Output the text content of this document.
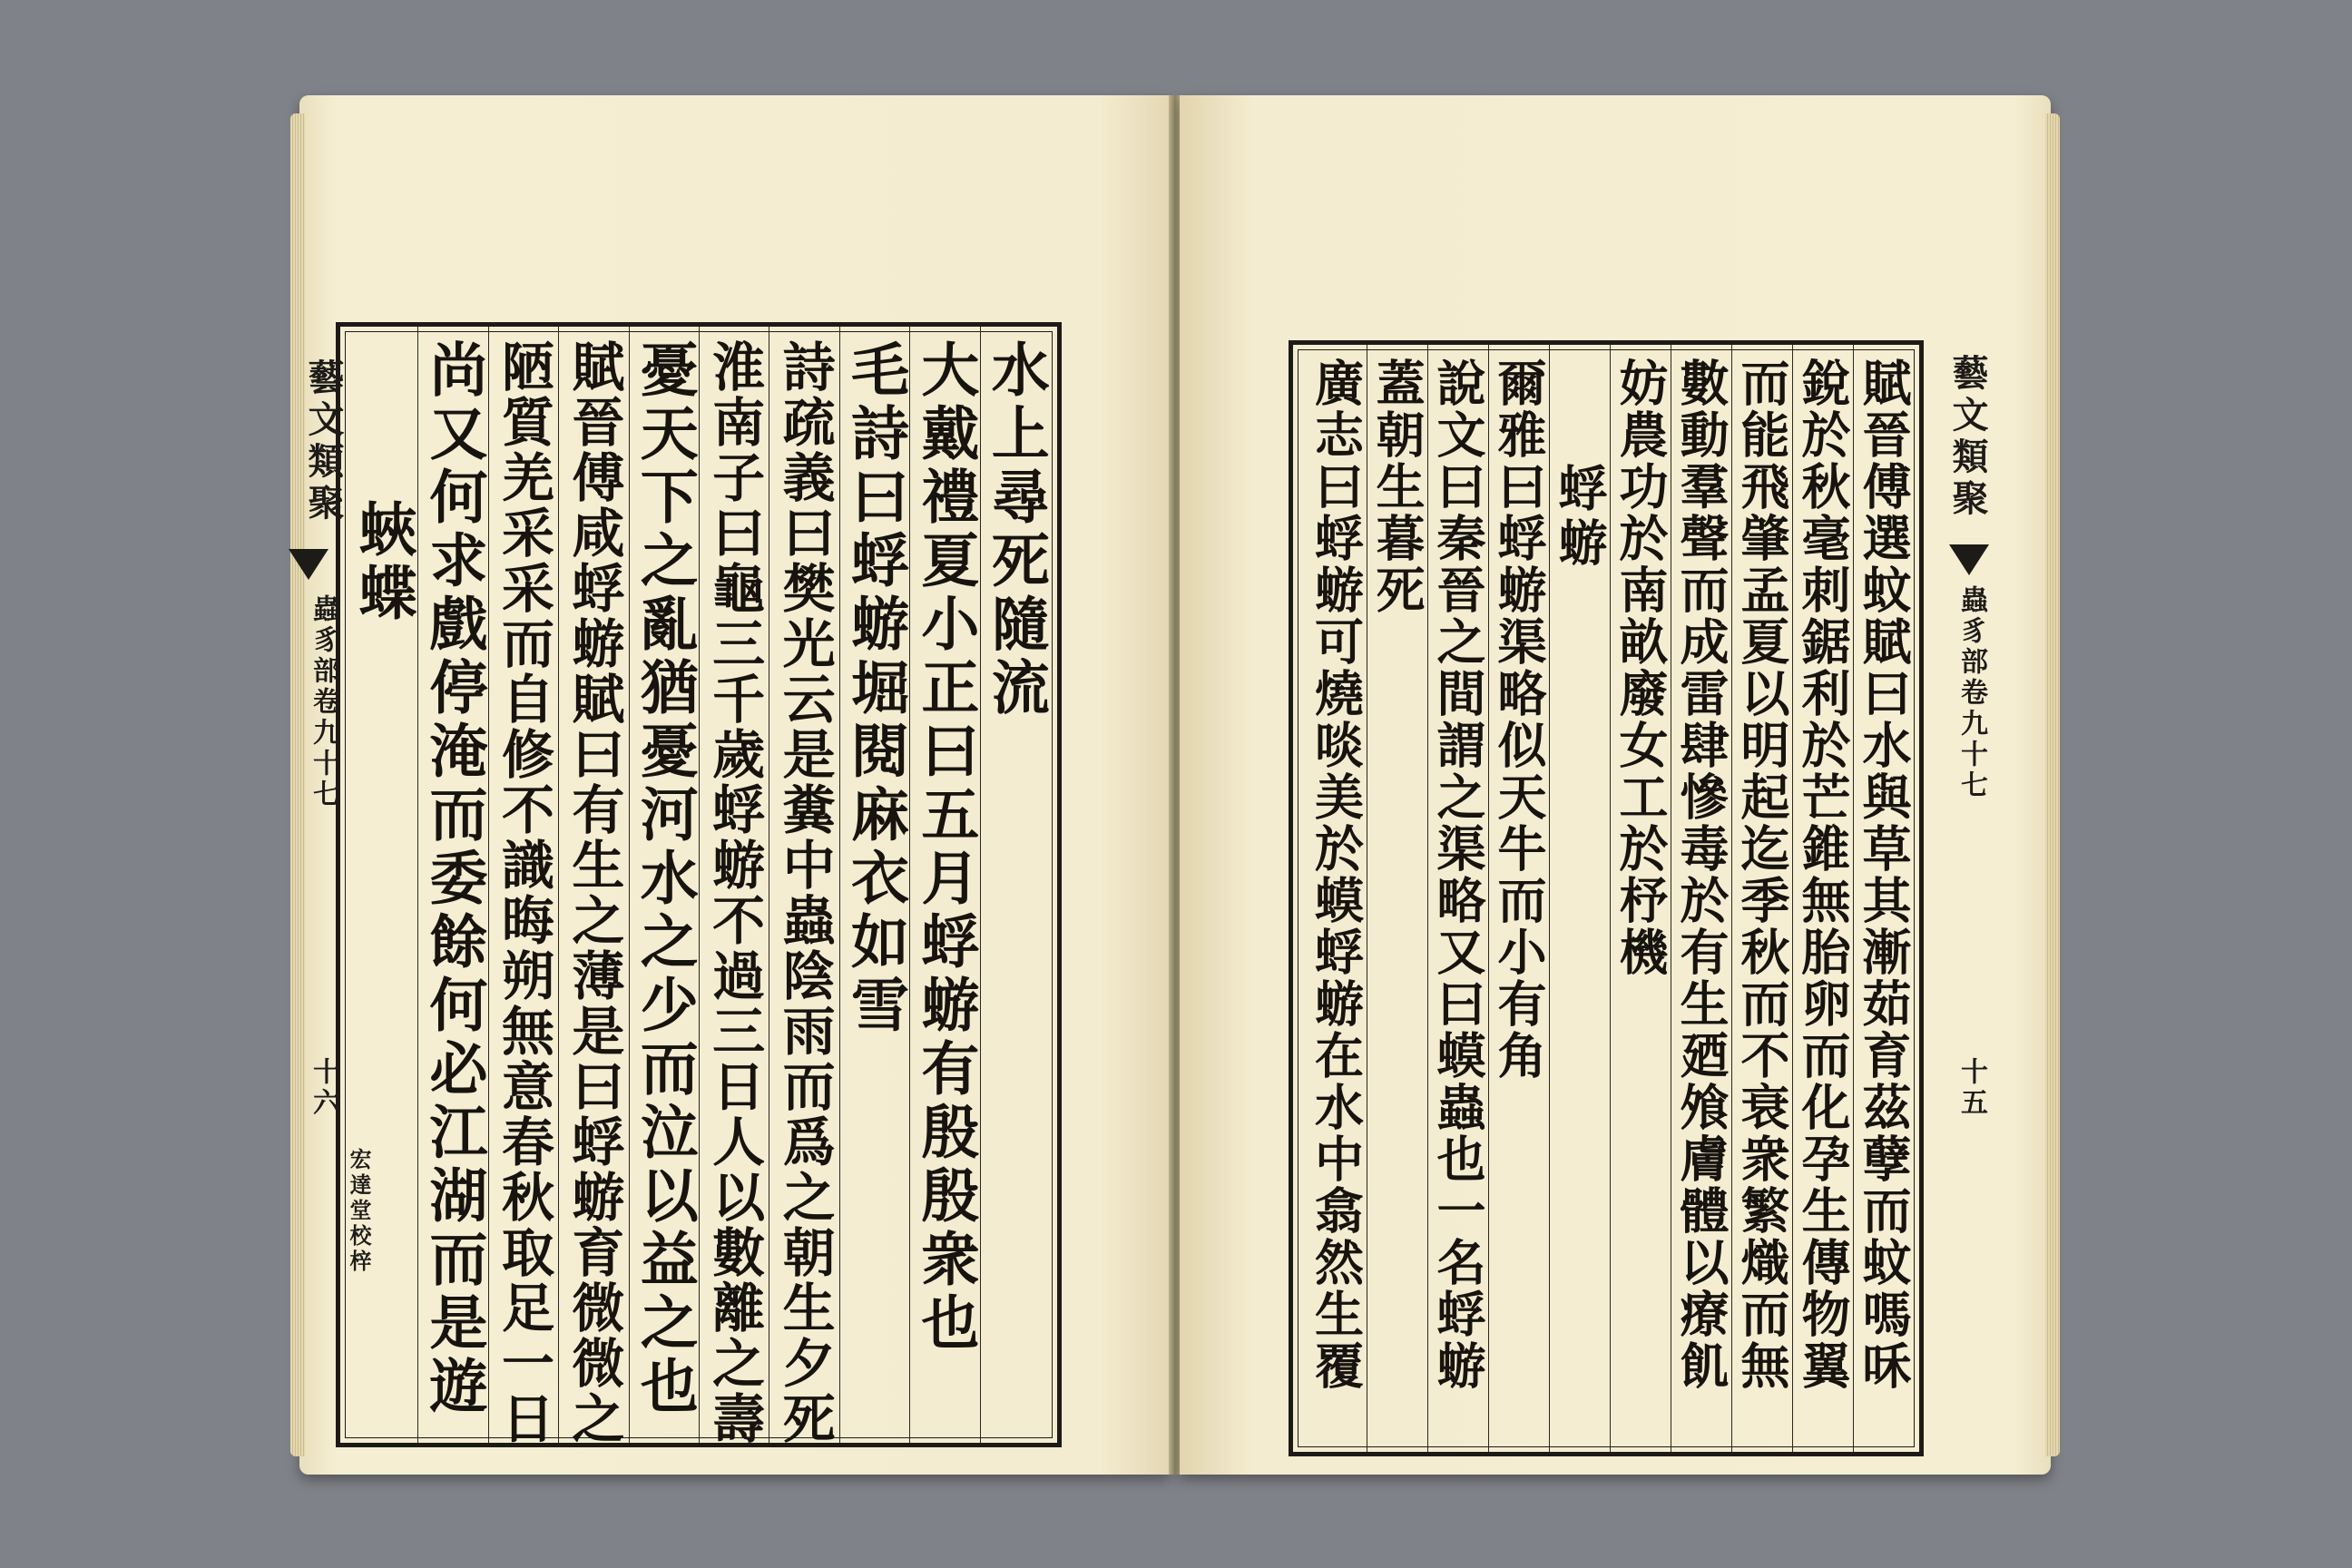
藝文類聚
蟲豸部卷九十七
十六
宏達堂校梓
水上尋死隨流
大戴禮夏小正曰五月蜉蝣有殷殷衆也
毛詩曰蜉蝣堀閱麻衣如雪
詩疏義曰樊光云是糞中蟲陰雨而爲之朝生夕死
淮南子曰龜三千歲蜉蝣不過三日人以數離之壽
憂天下之亂猶憂河水之少而泣以益之也
賦晉傅咸蜉蝣賦曰有生之薄是曰蜉蝣育微微之
陋質羌采采而自修不識晦朔無意春秋取足一日
尚又何求戲停淹而委餘何必江湖而是遊
蛺蝶	賦晉傅選蚊賦曰水與草其漸茹育茲孽而蚊嗎咊
銳於秋毫刺鋸利於芒錐無胎卵而化孕生傳物翼
而能飛肇孟夏以明起迄季秋而不衰衆繁熾而無
數動羣聲而成雷肆慘毒於有生廼飧膚體以療飢
妨農功於南畝廢女工於杼機
蜉蝣
爾雅曰蜉蝣渠略似天牛而小有角
說文曰秦晉之間謂之渠略又曰蟆蟲也一名蜉蝣
蓋朝生暮死
廣志曰蜉蝣可燒啖美於蟆蜉蝣在水中翕然生覆	藝文類聚
蟲豸部卷九十七
十五
